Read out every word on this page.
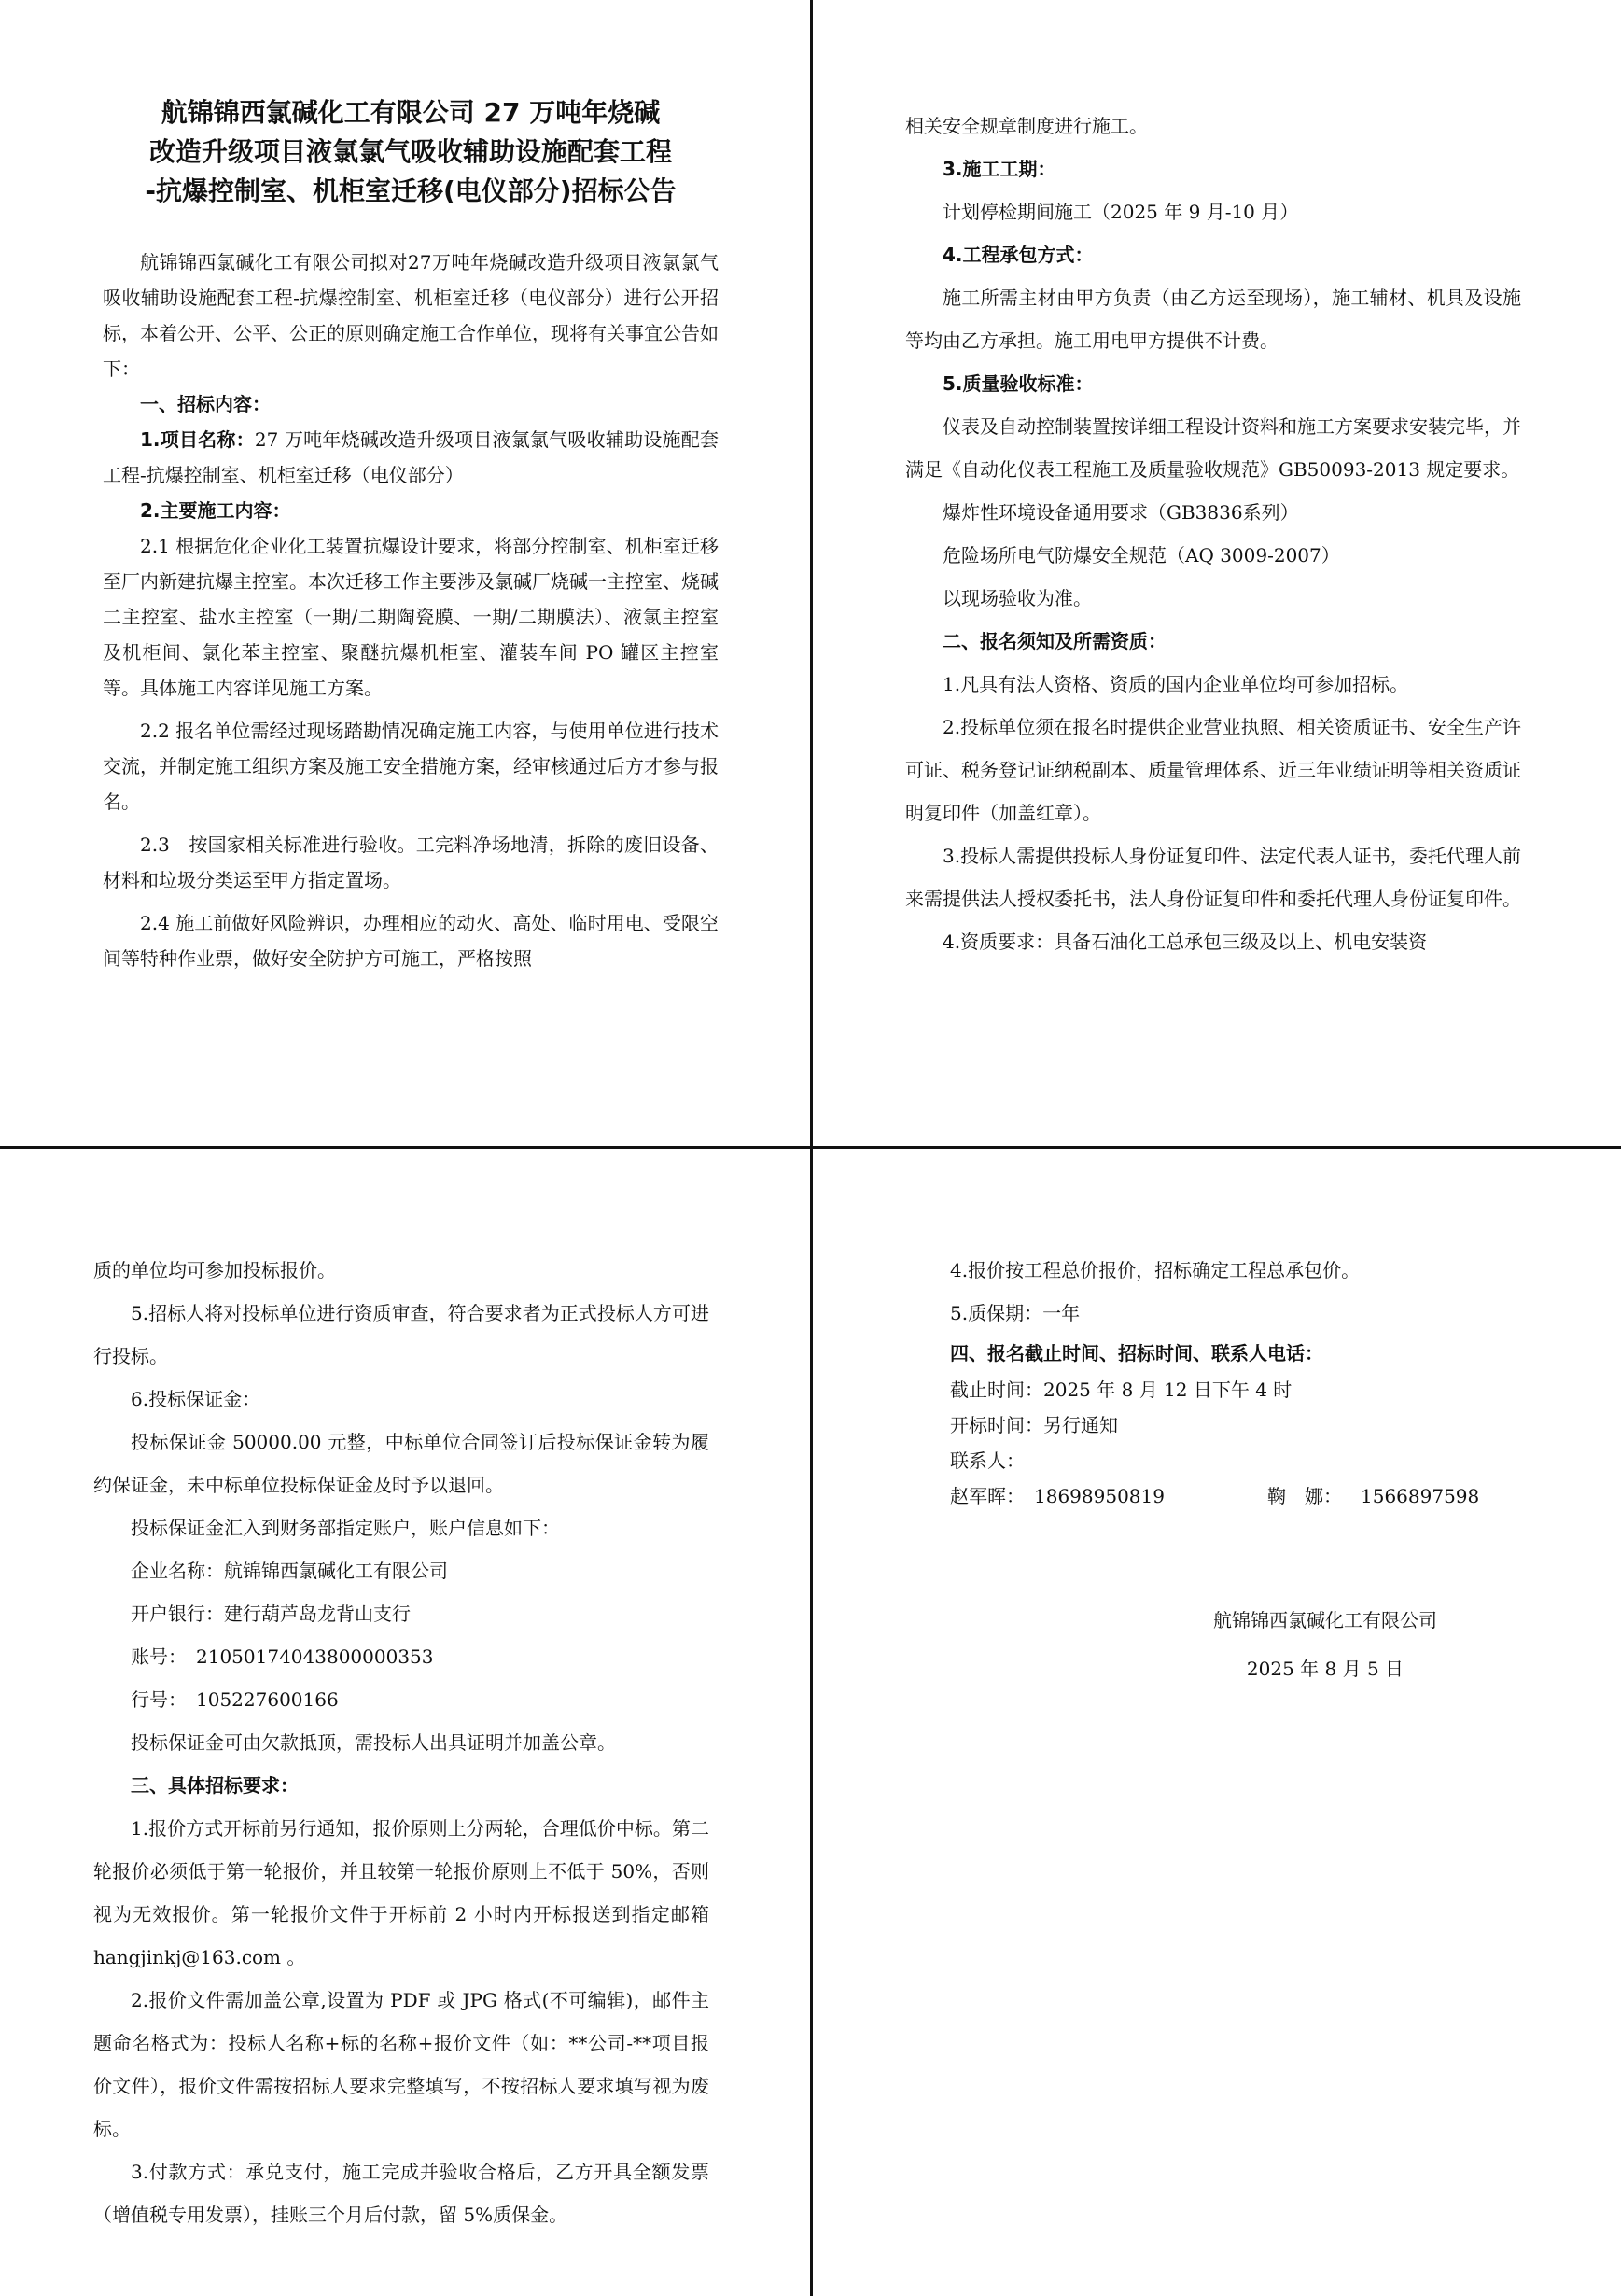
航锦锦西氯碱化工有限公司 27 万吨年烧碱
改造升级项目液氯氯气吸收辅助设施配套工程
-抗爆控制室、机柜室迁移(电仪部分)招标公告

航锦锦西氯碱化工有限公司拟对27万吨年烧碱改造升级项目液氯氯气吸收辅助设施配套工程-抗爆控制室、机柜室迁移（电仪部分）进行公开招标，本着公开、公平、公正的原则确定施工合作单位，现将有关事宜公告如下：

一、招标内容：

1.项目名称：27 万吨年烧碱改造升级项目液氯氯气吸收辅助设施配套工程-抗爆控制室、机柜室迁移（电仪部分）

2.主要施工内容：

2.1 根据危化企业化工装置抗爆设计要求，将部分控制室、机柜室迁移至厂内新建抗爆主控室。本次迁移工作主要涉及氯碱厂烧碱一主控室、烧碱二主控室、盐水主控室（一期/二期陶瓷膜、一期/二期膜法）、液氯主控室及机柜间、氯化苯主控室、聚醚抗爆机柜室、灌装车间 PO 罐区主控室等。具体施工内容详见施工方案。

2.2 报名单位需经过现场踏勘情况确定施工内容，与使用单位进行技术交流，并制定施工组织方案及施工安全措施方案，经审核通过后方才参与报名。

2.3　按国家相关标准进行验收。工完料净场地清，拆除的废旧设备、材料和垃圾分类运至甲方指定置场。

2.4 施工前做好风险辨识，办理相应的动火、高处、临时用电、受限空间等特种作业票，做好安全防护方可施工，严格按照

相关安全规章制度进行施工。

3.施工工期：

计划停检期间施工（2025 年 9 月-10 月）

4.工程承包方式：

施工所需主材由甲方负责（由乙方运至现场），施工辅材、机具及设施等均由乙方承担。施工用电甲方提供不计费。

5.质量验收标准：

仪表及自动控制装置按详细工程设计资料和施工方案要求安装完毕，并满足《自动化仪表工程施工及质量验收规范》GB50093-2013 规定要求。

爆炸性环境设备通用要求（GB3836系列）

危险场所电气防爆安全规范（AQ 3009-2007）

以现场验收为准。

二、报名须知及所需资质：

1.凡具有法人资格、资质的国内企业单位均可参加招标。

2.投标单位须在报名时提供企业营业执照、相关资质证书、安全生产许可证、税务登记证纳税副本、质量管理体系、近三年业绩证明等相关资质证明复印件（加盖红章）。

3.投标人需提供投标人身份证复印件、法定代表人证书，委托代理人前来需提供法人授权委托书，法人身份证复印件和委托代理人身份证复印件。

4.资质要求：具备石油化工总承包三级及以上、机电安装资

质的单位均可参加投标报价。

5.招标人将对投标单位进行资质审查，符合要求者为正式投标人方可进行投标。

6.投标保证金：

投标保证金 50000.00 元整，中标单位合同签订后投标保证金转为履约保证金，未中标单位投标保证金及时予以退回。

投标保证金汇入到财务部指定账户，账户信息如下：

企业名称：航锦锦西氯碱化工有限公司

开户银行：建行葫芦岛龙背山支行

账号：　21050174043800000353

行号：　105227600166

投标保证金可由欠款抵顶，需投标人出具证明并加盖公章。

三、具体招标要求：

1.报价方式开标前另行通知，报价原则上分两轮，合理低价中标。第二轮报价必须低于第一轮报价，并且较第一轮报价原则上不低于 50%，否则视为无效报价。第一轮报价文件于开标前 2 小时内开标报送到指定邮箱 hangjinkj@163.com 。

2.报价文件需加盖公章,设置为 PDF 或 JPG 格式(不可编辑)，邮件主题命名格式为：投标人名称+标的名称+报价文件（如：**公司-**项目报价文件），报价文件需按招标人要求完整填写，不按招标人要求填写视为废标。

3.付款方式：承兑支付，施工完成并验收合格后，乙方开具全额发票（增值税专用发票），挂账三个月后付款，留 5%质保金。

4.报价按工程总价报价，招标确定工程总承包价。
5.质保期：一年
四、报名截止时间、招标时间、联系人电话：
截止时间：2025 年 8 月 12 日下午 4 时
开标时间：另行通知
联系人：
赵军晖： 18698950819	鞠　娜：	1566897598
航锦锦西氯碱化工有限公司
2025 年 8 月 5 日
